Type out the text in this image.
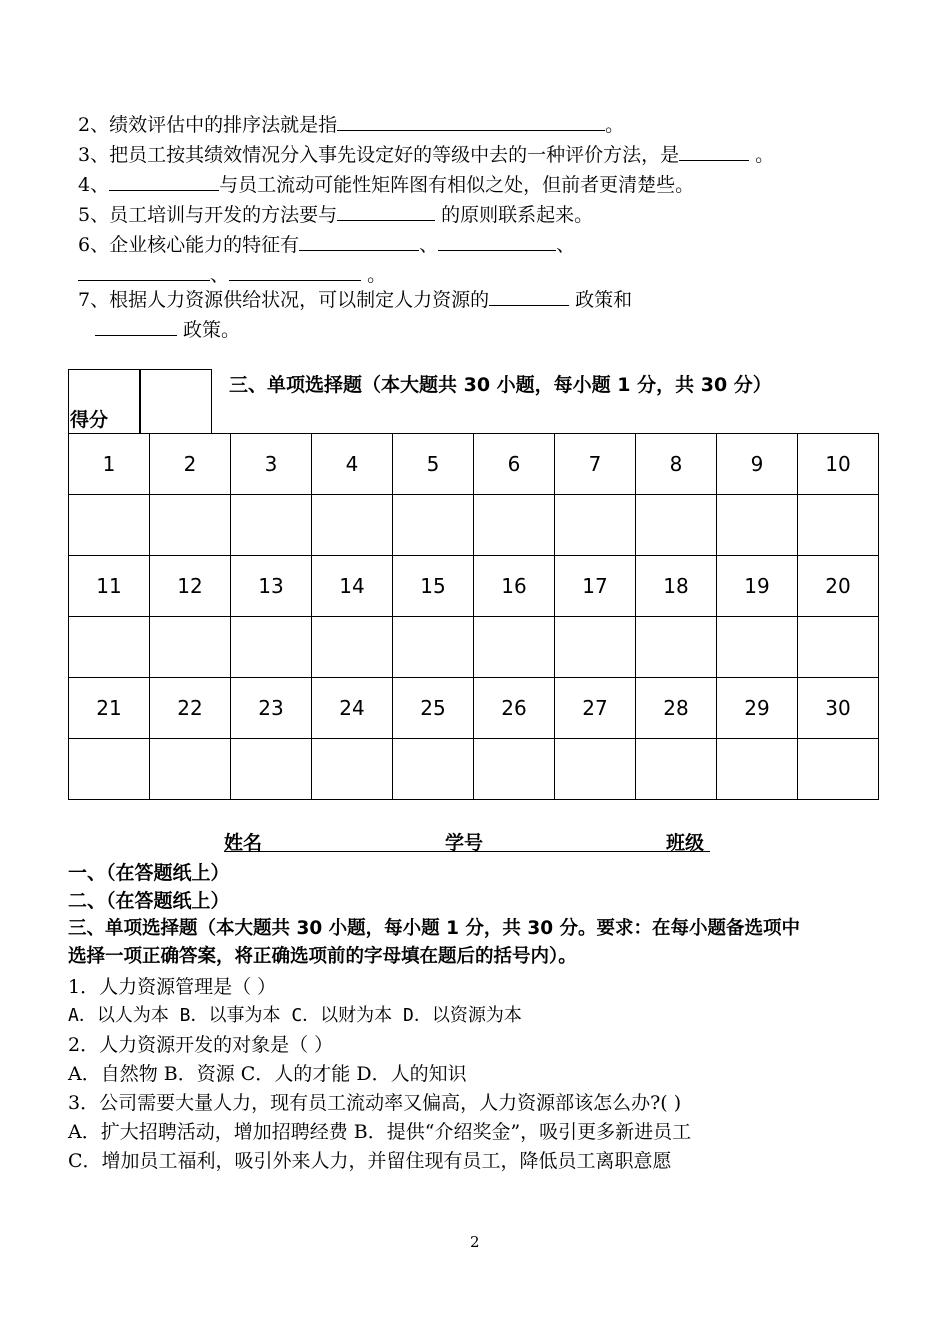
2、绩效评估中的排序法就是指	。
3、把员工按其绩效情况分入事先设定好的等级中去的一种评价方法，是	。
4、	与员工流动可能性矩阵图有相似之处，但前者更清楚些。
5、员工培训与开发的方法要与	的原则联系起来。
6、企业核心能力的特征有	、	、
、	。
7、根据人力资源供给状况，可以制定人力资源的	政策和
政策。
得分
三、单项选择题（本大题共 30 小题，每小题 1 分，共 30 分）
1	2	3	4	5	6	7	8	9	10

11	12	13	14	15	16	17	18	19	20

21	22	23	24	25	26	27	28	29	30

姓名	学号	班级
一、（在答题纸上）
二、（在答题纸上）
三、单项选择题（本大题共 30 小题，每小题 1 分，共 30 分。要求：在每小题备选项中
选择一项正确答案，将正确选项前的字母填在题后的括号内）。
1．人力资源管理是（ ）
A．以人为本 B．以事为本 C．以财为本 D．以资源为本
2．人力资源开发的对象是（ ）
A．自然物 B．资源 C．人的才能 D．人的知识
3．公司需要大量人力，现有员工流动率又偏高，人力资源部该怎么办?( )
A．扩大招聘活动，增加招聘经费 B．提供“介绍奖金”，吸引更多新进员工
C．增加员工福利，吸引外来人力，并留住现有员工，降低员工离职意愿
2
